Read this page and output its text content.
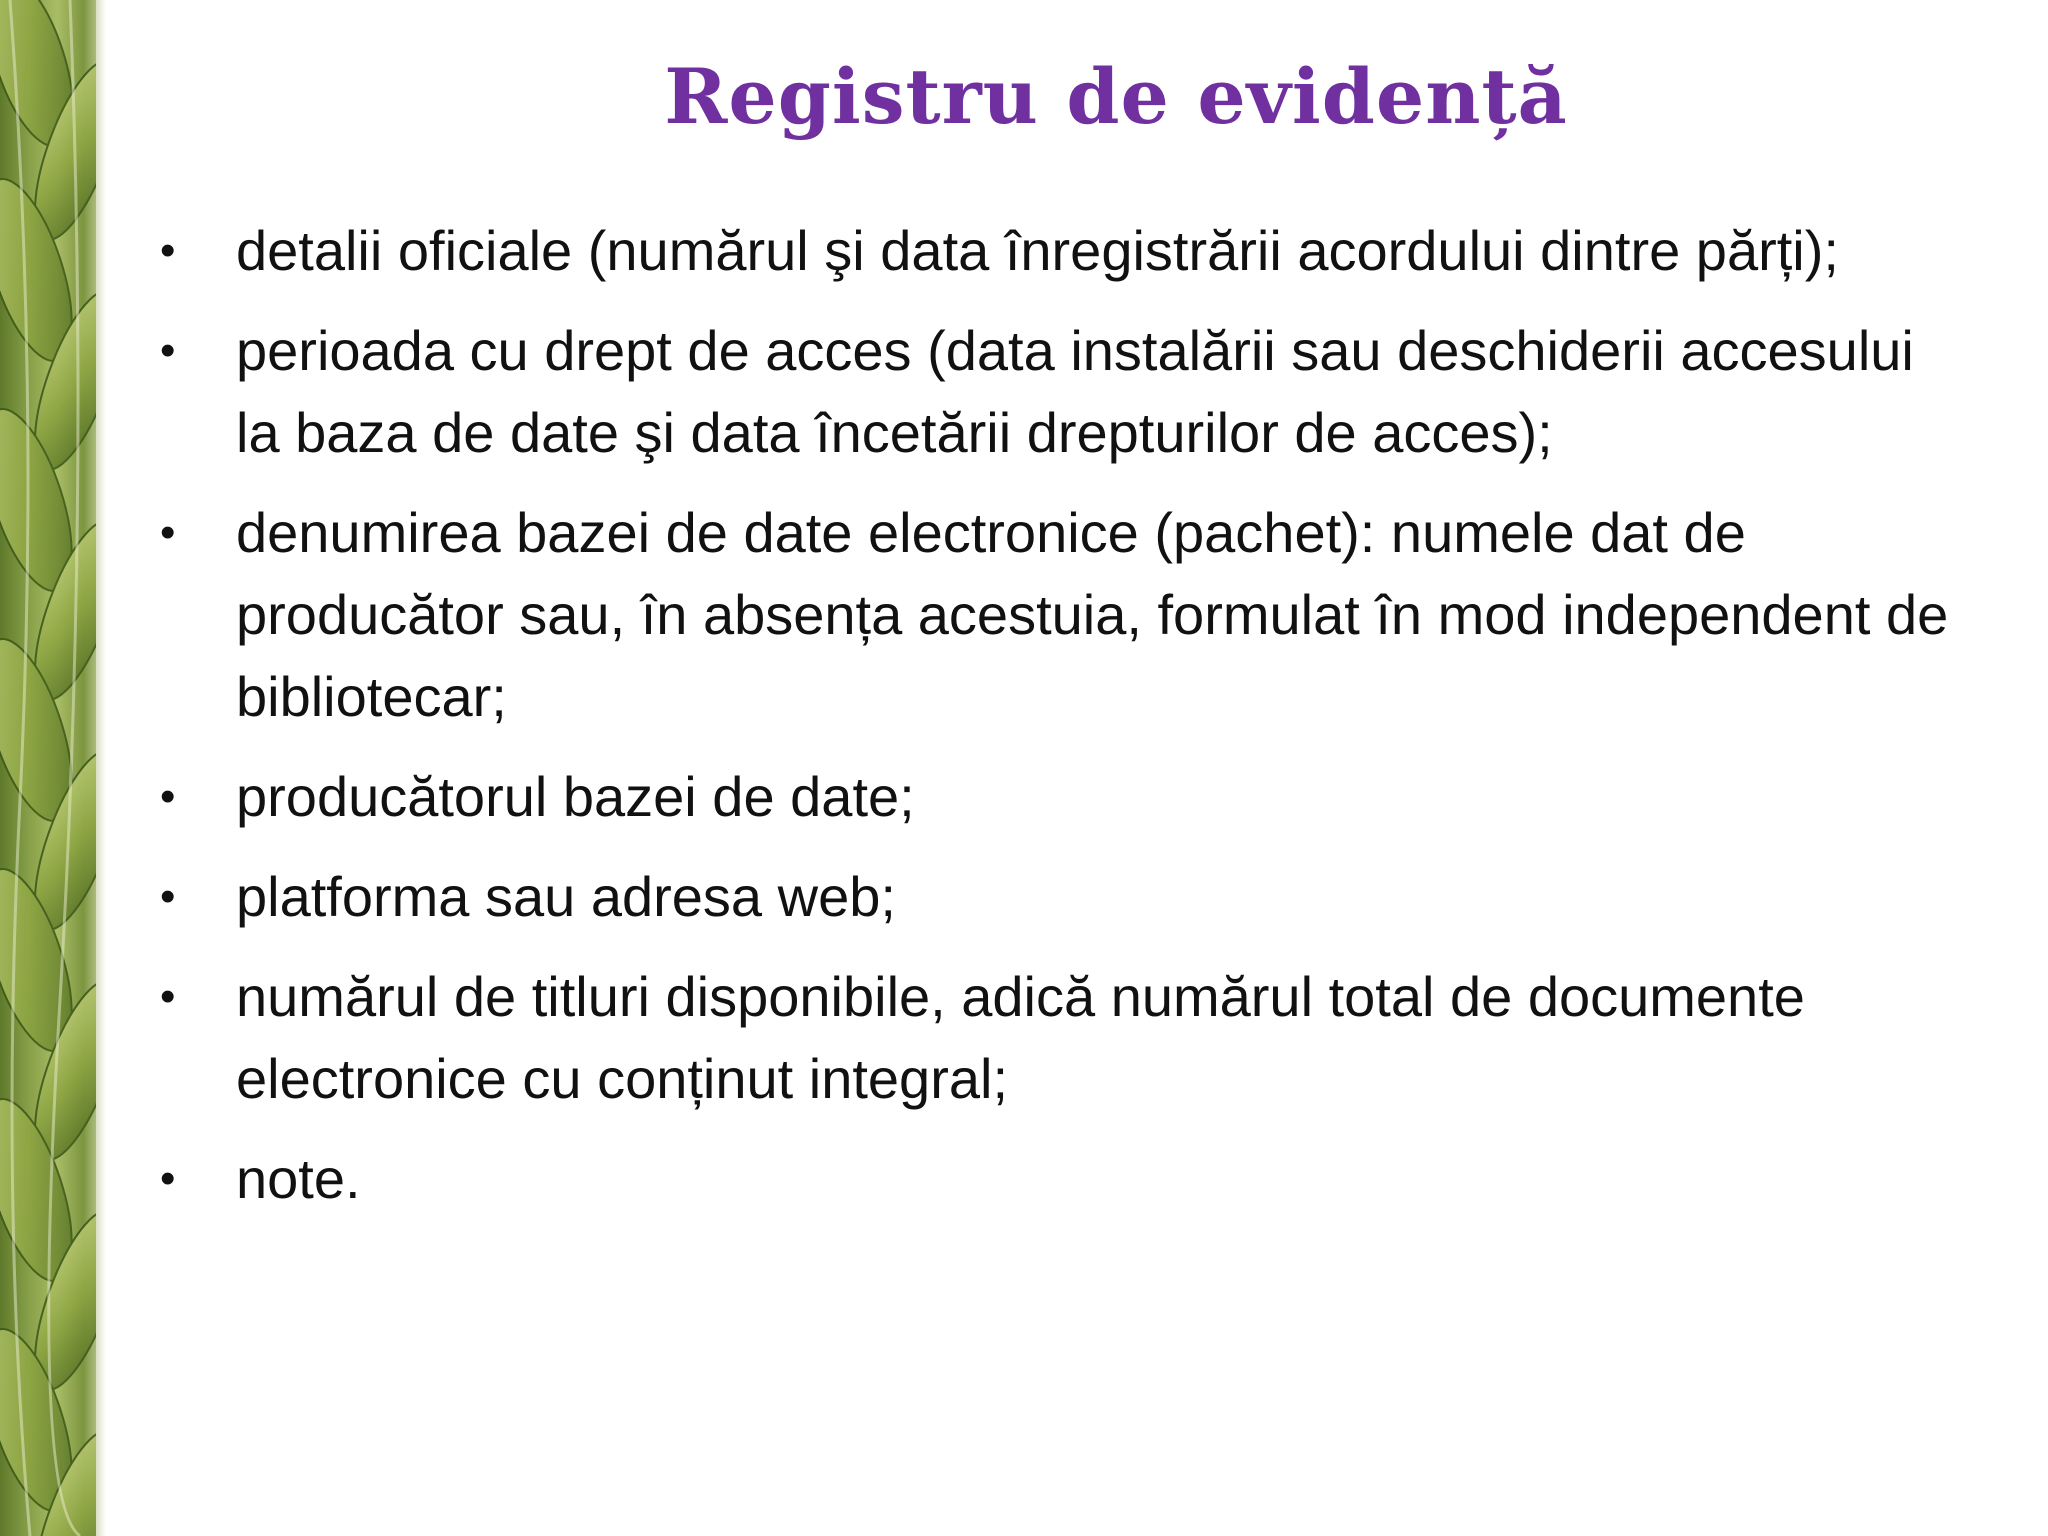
Registru de evidență
• detalii oficiale (numărul şi data înregistrării acordului dintre părți);
• perioada cu drept de acces (data instalării sau deschiderii accesului la baza de date şi data încetării drepturilor de acces);
• denumirea bazei de date electronice (pachet): numele dat de producător sau, în absența acestuia, formulat în mod independent de bibliotecar;
• producătorul bazei de date;
• platforma sau adresa web;
• numărul de titluri disponibile, adică numărul total de documente electronice cu conținut integral;
• note.
